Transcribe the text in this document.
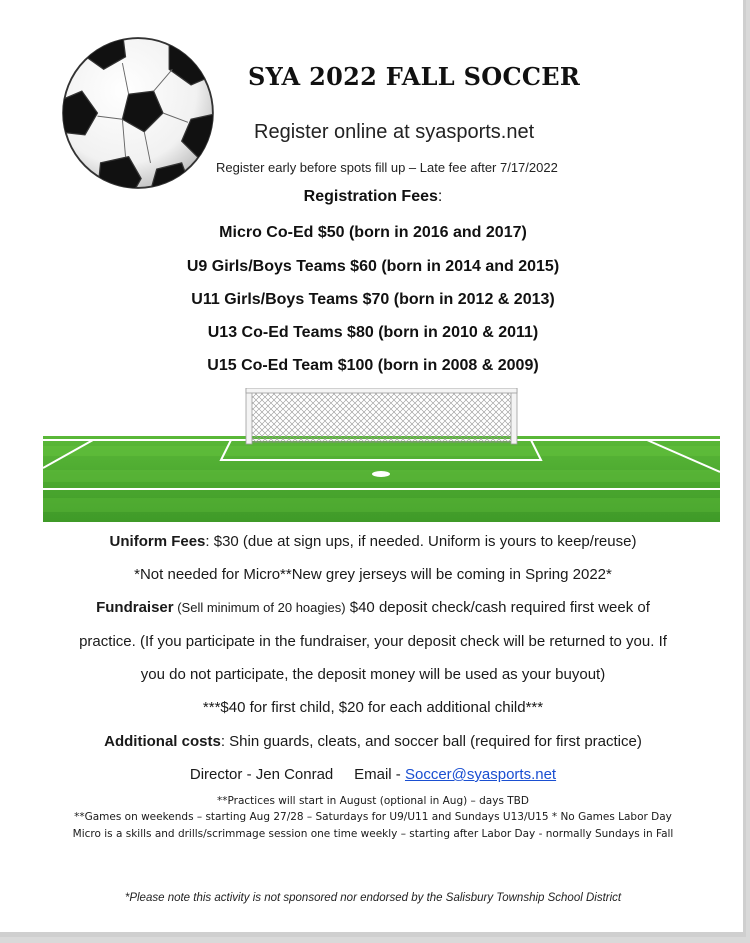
SYA 2022 FALL SOCCER
Register online at syasports.net
Register early before spots fill up – Late fee after 7/17/2022
Registration Fees:
Micro Co-Ed $50 (born in 2016 and 2017)
U9 Girls/Boys Teams $60 (born in 2014 and 2015)
U11 Girls/Boys Teams $70 (born in 2012 & 2013)
U13 Co-Ed Teams $80 (born in 2010 & 2011)
U15 Co-Ed Team $100 (born in 2008 & 2009)
Uniform Fees: $30 (due at sign ups, if needed. Uniform is yours to keep/reuse)
*Not needed for Micro**New grey jerseys will be coming in Spring 2022*
Fundraiser (Sell minimum of 20 hoagies) $40 deposit check/cash required first week of
practice. (If you participate in the fundraiser, your deposit check will be returned to you. If
you do not participate, the deposit money will be used as your buyout)
***$40 for first child, $20 for each additional child***
Additional costs: Shin guards, cleats, and soccer ball (required for first practice)
Director - Jen Conrad Email - Soccer@syasports.net
**Practices will start in August (optional in Aug) – days TBD
**Games on weekends – starting Aug 27/28 – Saturdays for U9/U11 and Sundays U13/U15 * No Games Labor Day
Micro is a skills and drills/scrimmage session one time weekly – starting after Labor Day - normally Sundays in Fall
*Please note this activity is not sponsored nor endorsed by the Salisbury Township School District
